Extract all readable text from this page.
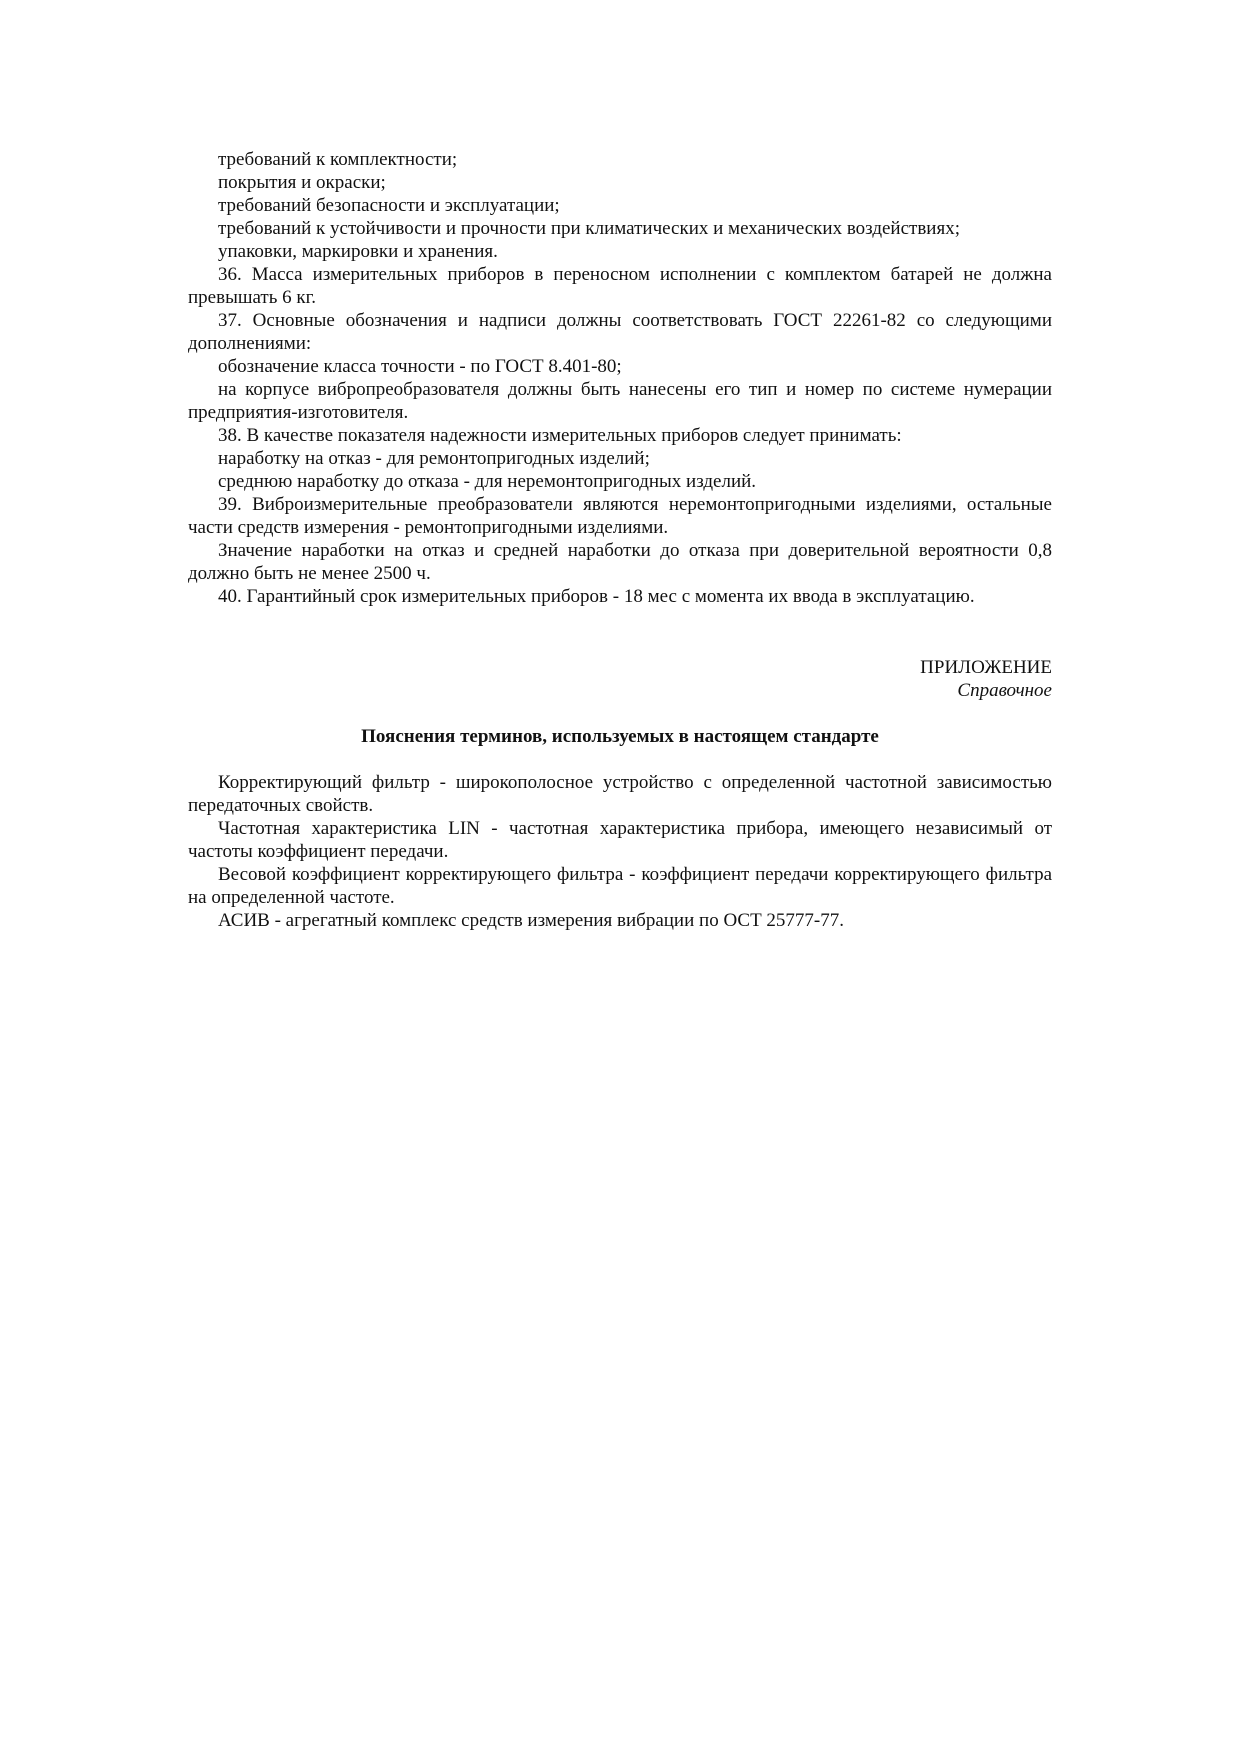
требований к комплектности;

покрытия и окраски;

требований безопасности и эксплуатации;

требований к устойчивости и прочности при климатических и механических воздействиях;

упаковки, маркировки и хранения.

36. Масса измерительных приборов в переносном исполнении с комплектом батарей не должна превышать 6 кг.

37. Основные обозначения и надписи должны соответствовать ГОСТ 22261-82 со следующими дополнениями:

обозначение класса точности - по ГОСТ 8.401-80;

на корпусе вибропреобразователя должны быть нанесены его тип и номер по системе нумерации предприятия-изготовителя.

38. В качестве показателя надежности измерительных приборов следует принимать:

наработку на отказ - для ремонтопригодных изделий;

среднюю наработку до отказа - для неремонтопригодных изделий.

39. Виброизмерительные преобразователи являются неремонтопригодными изделиями, остальные части средств измерения - ремонтопригодными изделиями.

Значение наработки на отказ и средней наработки до отказа при доверительной вероятности 0,8 должно быть не менее 2500 ч.

40. Гарантийный срок измерительных приборов - 18 мес с момента их ввода в эксплуатацию.

ПРИЛОЖЕНИЕ

Справочное

Пояснения терминов, используемых в настоящем стандарте

Корректирующий фильтр - широкополосное устройство с определенной частотной зависимостью передаточных свойств.

Частотная характеристика LIN - частотная характеристика прибора, имеющего независимый от частоты коэффициент передачи.

Весовой коэффициент корректирующего фильтра - коэффициент передачи корректирующего фильтра на определенной частоте.

АСИВ - агрегатный комплекс средств измерения вибрации по ОСТ 25777-77.
